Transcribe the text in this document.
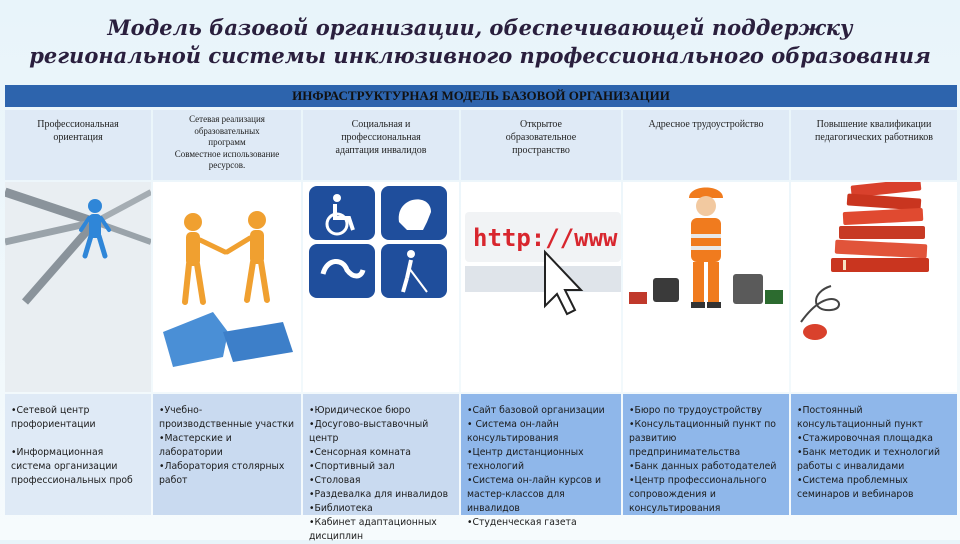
Модель базовой организации, обеспечивающей поддержку
региональной системы инклюзивного профессионального образования
ИНФРАСТРУКТУРНАЯ МОДЕЛЬ БАЗОВОЙ ОРГАНИЗАЦИИ
Профессиональная
ориентация
•Сетевой центр профориентации
•Информационная система организации профессиональных проб
Сетевая реализация
образовательных
программ
Совместное использование
ресурсов.
•Учебно-производственные участки
•Мастерские и лаборатории
•Лаборатория столярных работ
Социальная и
профессиональная
адаптация инвалидов
•Юридическое бюро
•Досугово-выставочный центр
•Сенсорная комната
•Спортивный зал
•Столовая
•Раздевалка для инвалидов
•Библиотека
•Кабинет адаптационных дисциплин
Открытое
образовательное
пространство
http://www
•Сайт базовой организации
• Система он-лайн консультирования
•Центр дистанционных технологий
•Система он-лайн курсов и мастер-классов для инвалидов
•Студенческая газета
Адресное трудоустройство
•Бюро по трудоустройству
•Консультационный пункт по развитию предпринимательства
•Банк данных работодателей
•Центр профессионального сопровождения и консультирования
Повышение квалификации
педагогических работников
•Постоянный консультационный пункт
•Стажировочная площадка
•Банк методик и технологий работы с инвалидами
•Система проблемных семинаров и вебинаров
